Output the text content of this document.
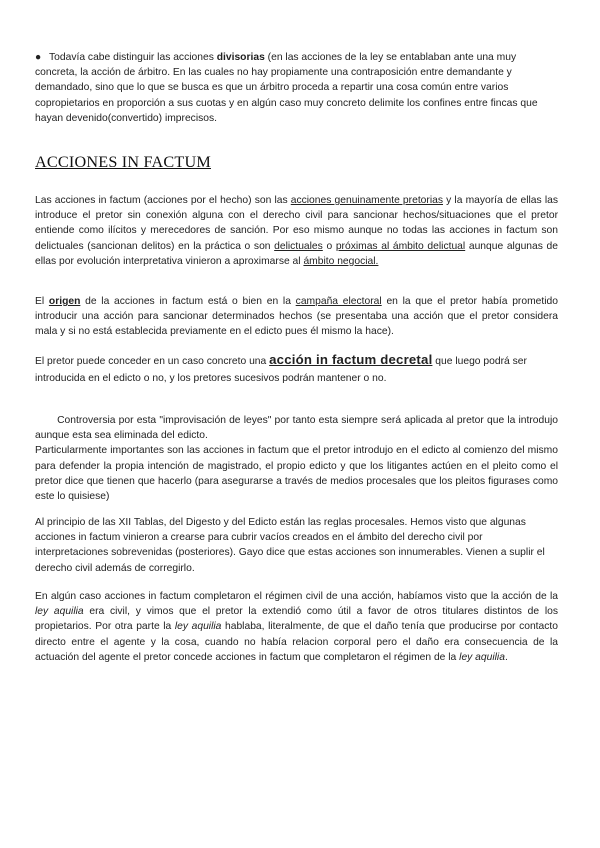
● Todavía cabe distinguir las acciones divisorias (en las acciones de la ley se entablaban ante una muy concreta, la acción de árbitro. En las cuales no hay propiamente una contraposición entre demandante y demandado, sino que lo que se busca es que un árbitro proceda a repartir una cosa común entre varios copropietarios en proporción a sus cuotas y en algún caso muy concreto delimite los confines entre fincas que hayan devenido(convertido) imprecisos.

ACCIONES IN FACTUM

Las acciones in factum (acciones por el hecho) son las acciones genuinamente pretorias y la mayoría de ellas las introduce el pretor sin conexión alguna con el derecho civil para sancionar hechos/situaciones que el pretor entiende como ilícitos y merecedores de sanción. Por eso mismo aunque no todas las acciones in factum son delictuales (sancionan delitos) en la práctica o son delictuales o próximas al ámbito delictual aunque algunas de ellas por evolución interpretativa vinieron a aproximarse al ámbito negocial.

El origen de la acciones in factum está o bien en la campaña electoral en la que el pretor había prometido introducir una acción para sancionar determinados hechos (se presentaba una acción que el pretor considera mala y si no está establecida previamente en el edicto pues él mismo la hace).

El pretor puede conceder en un caso concreto una acción in factum decretal que luego podrá ser introducida en el edicto o no, y los pretores sucesivos podrán mantener o no.

Controversia por esta "improvisación de leyes" por tanto esta siempre será aplicada al pretor que la introdujo aunque esta sea eliminada del edicto.
Particularmente importantes son las acciones in factum que el pretor introdujo en el edicto al comienzo del mismo para defender la propia intención de magistrado, el propio edicto y que los litigantes actúen en el pleito como el pretor dice que tienen que hacerlo (para asegurarse a través de medios procesales que los pleitos figurases como este lo quisiese)

Al principio de las XII Tablas, del Digesto y del Edicto están las reglas procesales. Hemos visto que algunas acciones in factum vinieron a crearse para cubrir vacíos creados en el ámbito del derecho civil por interpretaciones sobrevenidas (posteriores). Gayo dice que estas acciones son innumerables. Vienen a suplir el derecho civil además de corregirlo.

En algún caso acciones in factum completaron el régimen civil de una acción, habíamos visto que la acción de la ley aquilia era civil, y vimos que el pretor la extendió como útil a favor de otros titulares distintos de los propietarios. Por otra parte la ley aquilia hablaba, literalmente, de que el daño tenía que producirse por contacto directo entre el agente y la cosa, cuando no había relacion corporal pero el daño era consecuencia de la actuación del agente el pretor concede acciones in factum que completaron el régimen de la ley aquilia.
